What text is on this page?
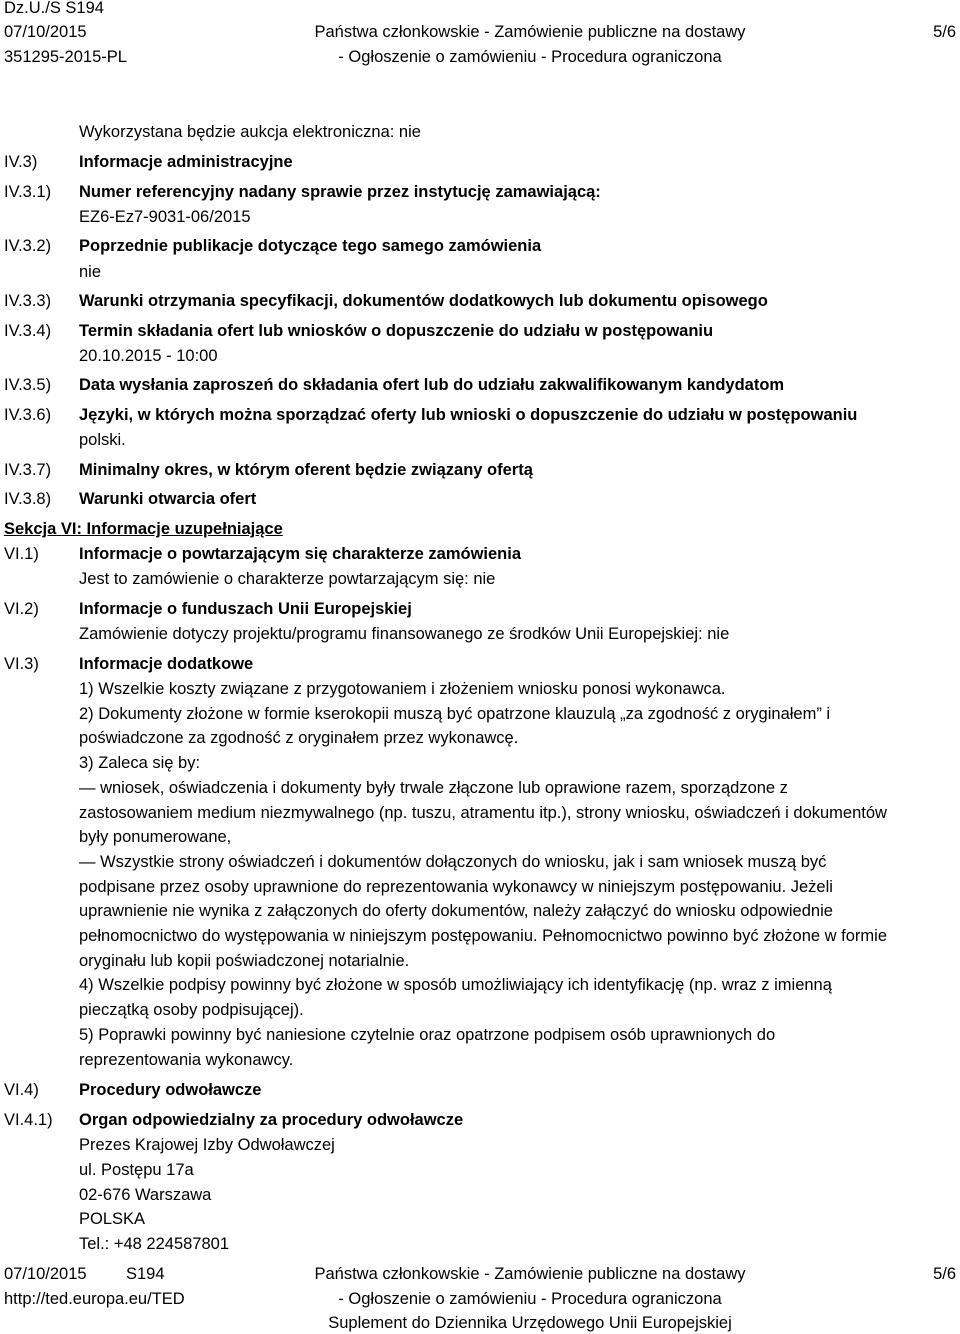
Dz.U./S S194
07/10/2015
351295-2015-PL
Państwa członkowskie - Zamówienie publiczne na dostawy
- Ogłoszenie o zamówieniu - Procedura ograniczona
5/6
Wykorzystana będzie aukcja elektroniczna: nie
IV.3)	Informacje administracyjne
IV.3.1) Numer referencyjny nadany sprawie przez instytucję zamawiającą:
EZ6-Ez7-9031-06/2015
IV.3.2) Poprzednie publikacje dotyczące tego samego zamówienia
nie
IV.3.3) Warunki otrzymania specyfikacji, dokumentów dodatkowych lub dokumentu opisowego
IV.3.4) Termin składania ofert lub wniosków o dopuszczenie do udziału w postępowaniu
20.10.2015 - 10:00
IV.3.5) Data wysłania zaproszeń do składania ofert lub do udziału zakwalifikowanym kandydatom
IV.3.6) Języki, w których można sporządzać oferty lub wnioski o dopuszczenie do udziału w postępowaniu
polski.
IV.3.7) Minimalny okres, w którym oferent będzie związany ofertą
IV.3.8) Warunki otwarcia ofert
Sekcja VI: Informacje uzupełniające
VI.1) Informacje o powtarzającym się charakterze zamówienia
Jest to zamówienie o charakterze powtarzającym się: nie
VI.2) Informacje o funduszach Unii Europejskiej
Zamówienie dotyczy projektu/programu finansowanego ze środków Unii Europejskiej: nie
VI.3) Informacje dodatkowe
1) Wszelkie koszty związane z przygotowaniem i złożeniem wniosku ponosi wykonawca.
2) Dokumenty złożone w formie kserokopii muszą być opatrzone klauzulą „za zgodność z oryginałem” i
poświadczone za zgodność z oryginałem przez wykonawcę.
3) Zaleca się by:
— wniosek, oświadczenia i dokumenty były trwale złączone lub oprawione razem, sporządzone z
zastosowaniem medium niezmywalnego (np. tuszu, atramentu itp.), strony wniosku, oświadczeń i dokumentów
były ponumerowane,
— Wszystkie strony oświadczeń i dokumentów dołączonych do wniosku, jak i sam wniosek muszą być
podpisane przez osoby uprawnione do reprezentowania wykonawcy w niniejszym postępowaniu. Jeżeli
uprawnienie nie wynika z załączonych do oferty dokumentów, należy załączyć do wniosku odpowiednie
pełnomocnictwo do występowania w niniejszym postępowaniu. Pełnomocnictwo powinno być złożone w formie
oryginału lub kopii poświadczonej notarialnie.
4) Wszelkie podpisy powinny być złożone w sposób umożliwiający ich identyfikację (np. wraz z imienną
pieczątką osoby podpisującej).
5) Poprawki powinny być naniesione czytelnie oraz opatrzone podpisem osób uprawnionych do
reprezentowania wykonawcy.
VI.4) Procedury odwoławcze
VI.4.1) Organ odpowiedzialny za procedury odwoławcze
Prezes Krajowej Izby Odwoławczej
ul. Postępu 17a
02-676 Warszawa
POLSKA
Tel.: +48 224587801
07/10/2015 S194
http://ted.europa.eu/TED
Państwa członkowskie - Zamówienie publiczne na dostawy
- Ogłoszenie o zamówieniu - Procedura ograniczona
Suplement do Dziennika Urzędowego Unii Europejskiej
5/6
